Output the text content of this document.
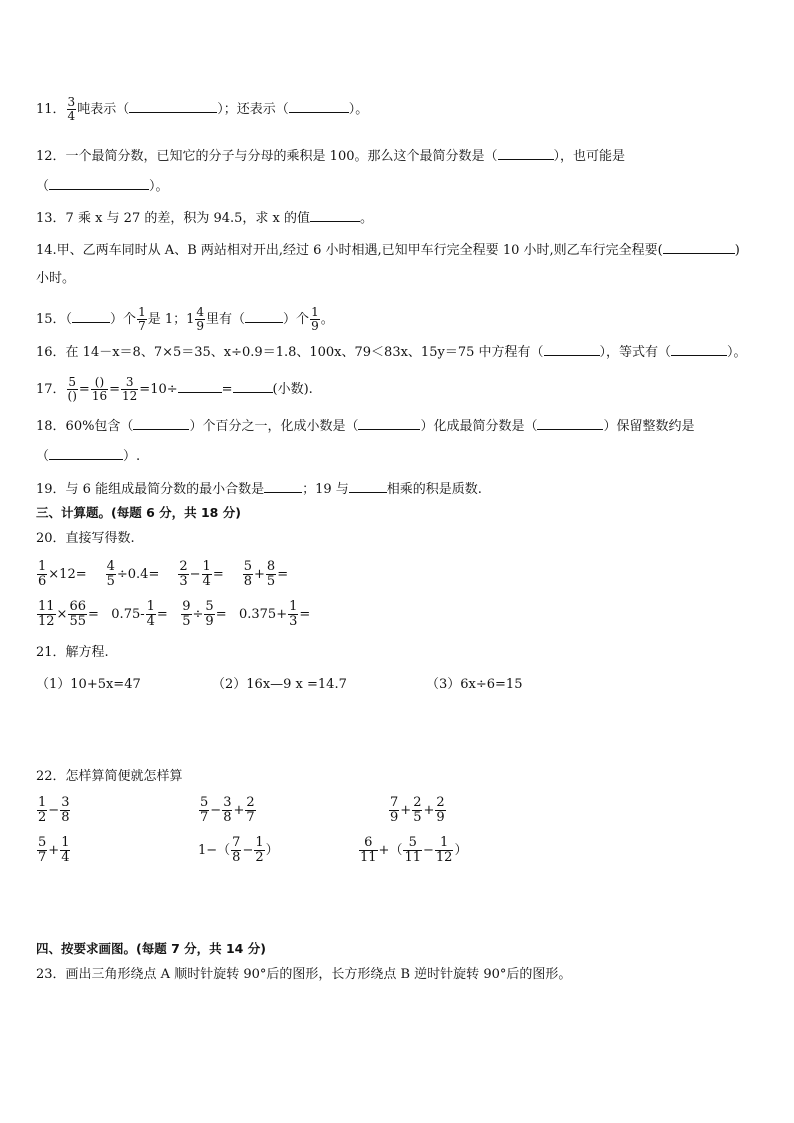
11． $\frac{3}{4}$ 吨表示（	）；还表示（	）。
12．一个最简分数，已知它的分子与分母的乘积是 100。那么这个最简分数是（	），也可能是
（	）。
13．7 乘 x 与 27 的差，积为 94.5，求 x 的值	。
14.甲、乙两车同时从 A、B 两站相对开出,经过 6 小时相遇,已知甲车行完全程要 10 小时,则乙车行完全程要(	)
小时。
15．（	）个 $\frac{1}{7}$ 是 1；$1 \frac{4}{9}$ 里有（	）个 $\frac{1}{9}$ 。
16．在 14－x＝8、7×5＝35、x÷0.9＝1.8、100x、79＜83x、15y＝75 中方程有（	），等式有（	）。
17． $\frac{5}{()} = \frac{()}{16} = \frac{3}{12} =10\div$	=	(小数).
18．60%包含（	）个百分之一，化成小数是（	）化成最简分数是（	）保留整数约是
（	）.
19．与 6 能组成最简分数的最小合数是	；19 与	相乘的积是质数.
三、计算题。(每题 6 分，共 18 分)
20．直接写得数.
$\frac{1}{6} \times 12= \frac{4}{5} \div 0.4= \frac{2}{3} - \frac{1}{4} = \frac{5}{8} + \frac{8}{5}$ =
$\frac{11}{12} \times \frac{66}{55} = 0.75- \frac{1}{4} = \frac{9}{5} \div \frac{5}{9} = 0.375+ \frac{1}{3}$ =
21．解方程.
（1）10+5x=47	（2）16x—9 x =14.7	（3）6x÷6=15
22．怎样算简便就怎样算
$\frac{1}{2} - \frac{3}{8}$	$\frac{5}{7} - \frac{3}{8} + \frac{2}{7}$	$\frac{7}{9} + \frac{2}{5} + \frac{2}{9}$
$\frac{5}{7} + \frac{1}{4}$	$1-( \frac{7}{8} - \frac{1}{2}$ ）	$\frac{6}{11}$ +（ $\frac{5}{11} - \frac{1}{12}$ ）
四、按要求画图。(每题 7 分，共 14 分)
23．画出三角形绕点 A 顺时针旋转 90°后的图形，长方形绕点 B 逆时针旋转 90°后的图形。
